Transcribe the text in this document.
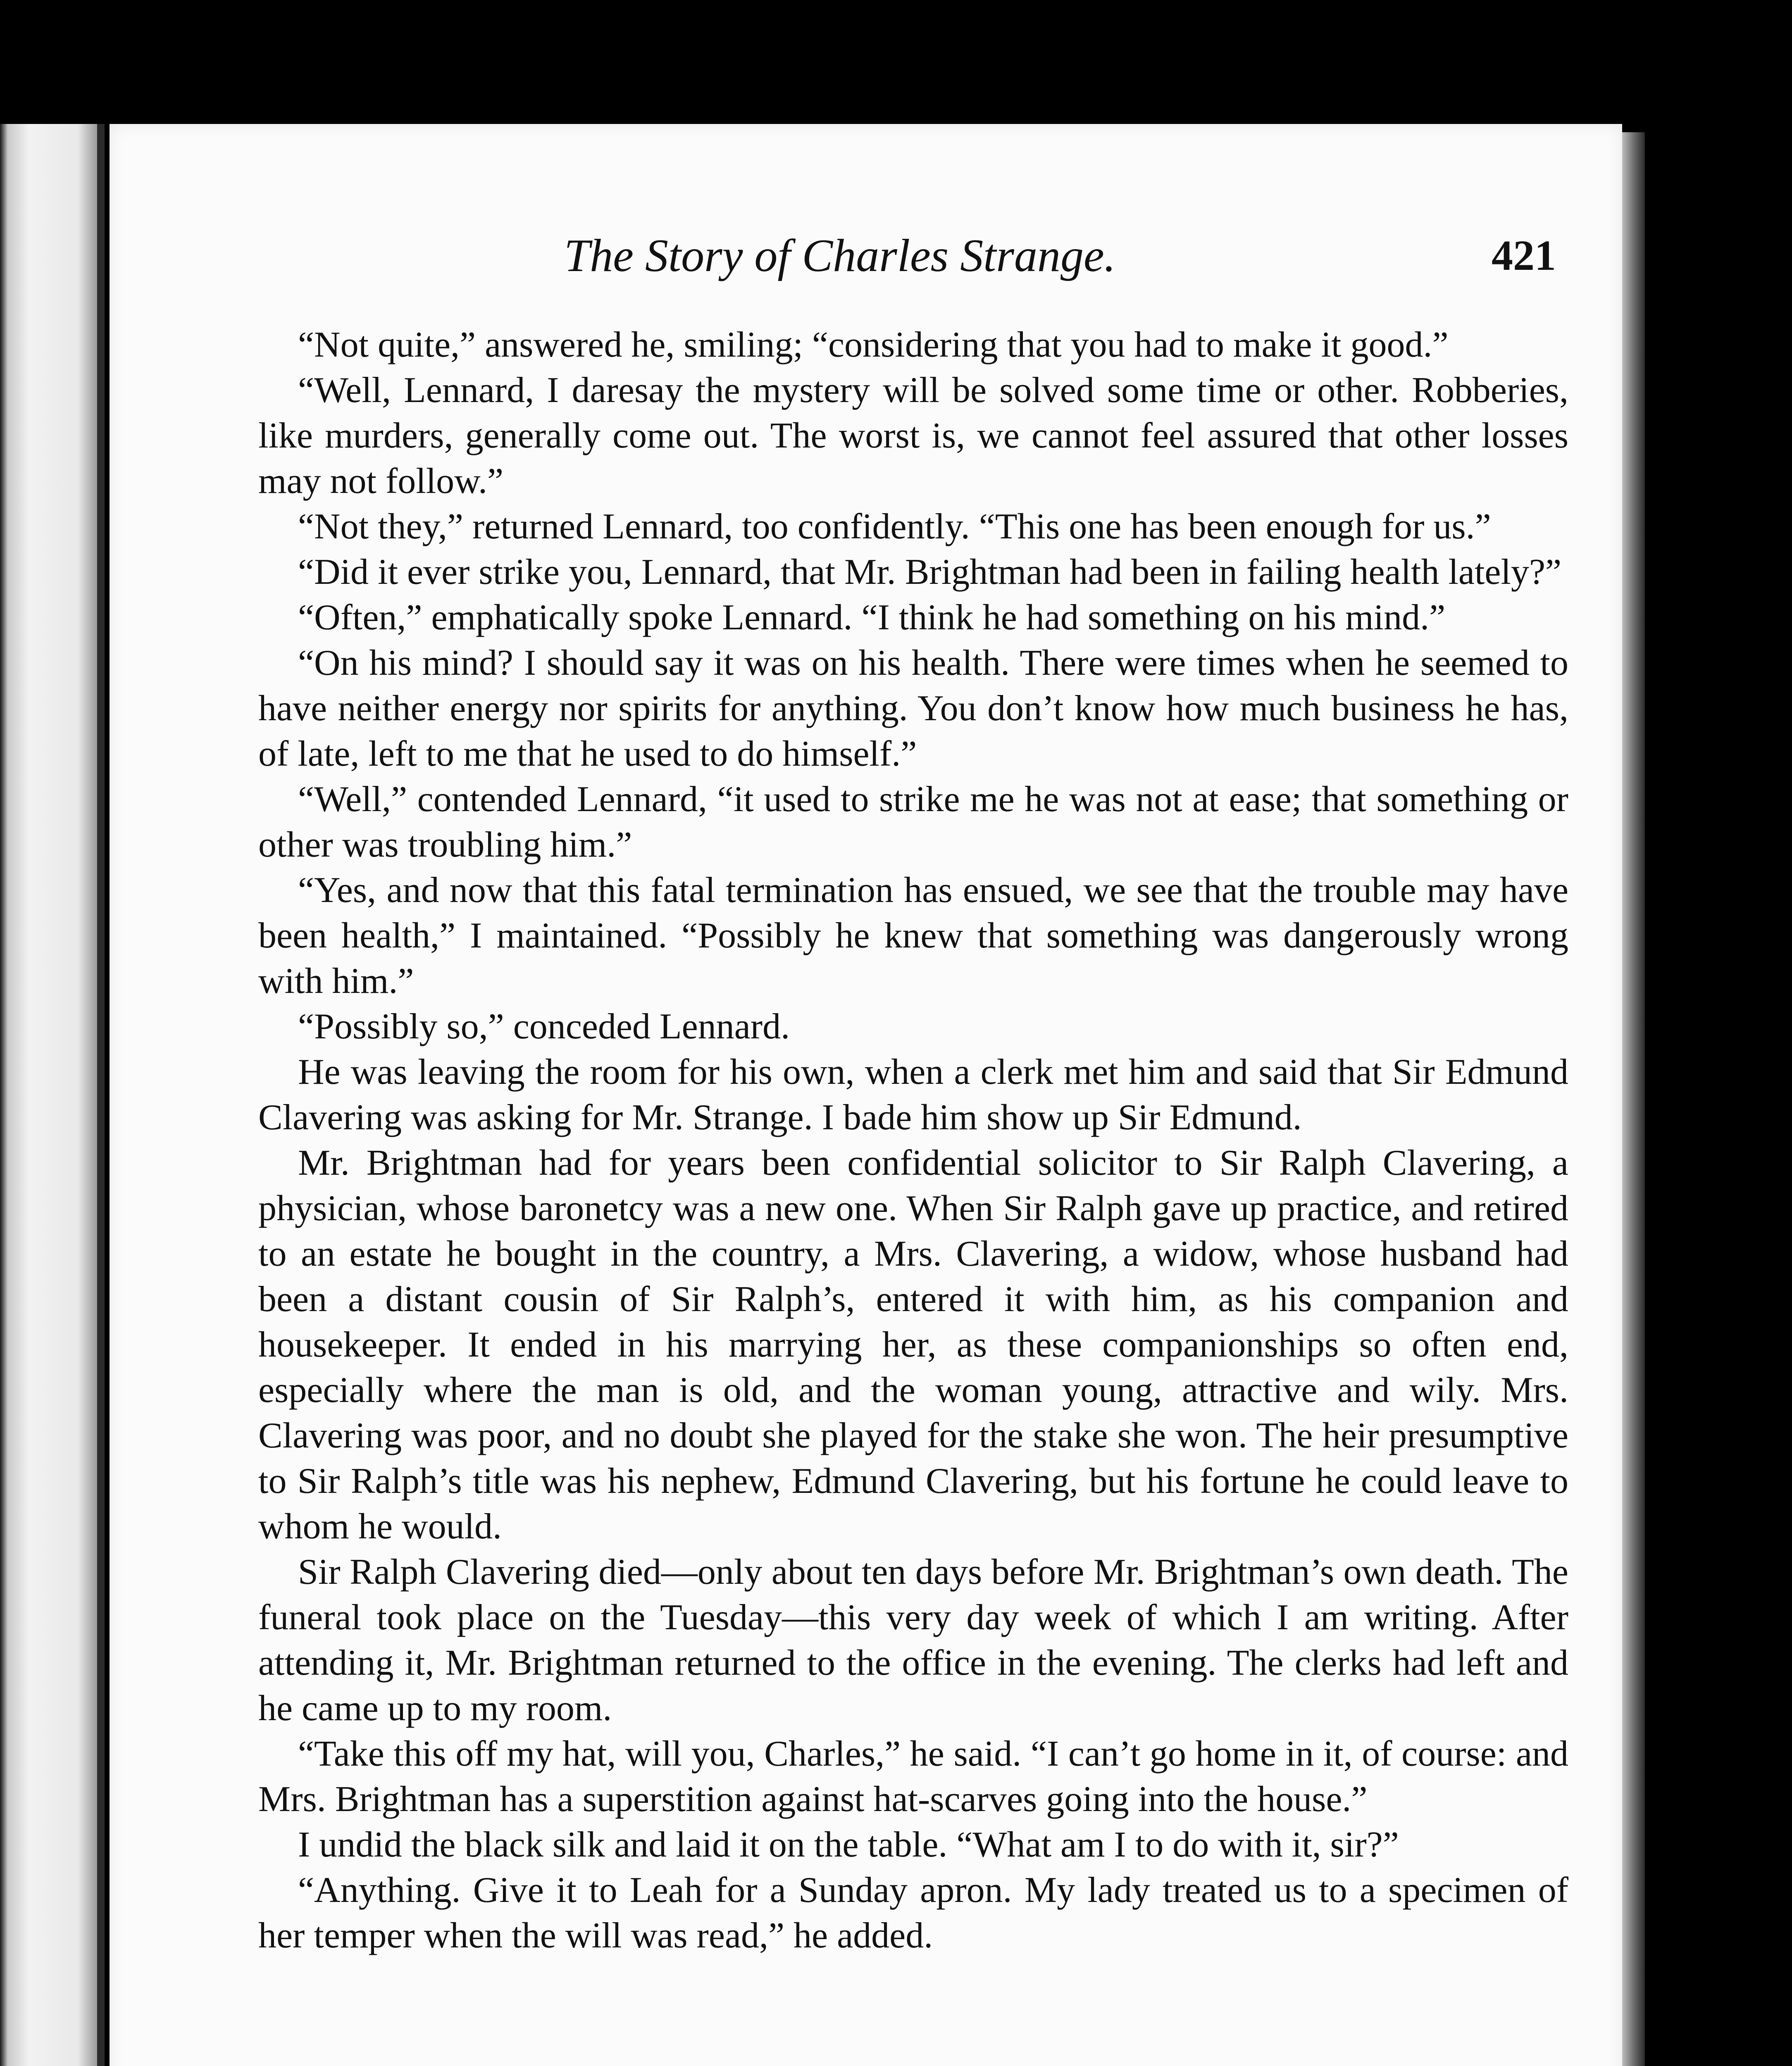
The Story of Charles Strange.	421

“Not quite,” answered he, smiling; “considering that you had to make it good.”

“Well, Lennard, I daresay the mystery will be solved some time or other. Robberies, like murders, generally come out. The worst is, we cannot feel assured that other losses may not follow.”

“Not they,” returned Lennard, too confidently. “This one has been enough for us.”

“Did it ever strike you, Lennard, that Mr. Brightman had been in failing health lately?”

“Often,” emphatically spoke Lennard. “I think he had something on his mind.”

“On his mind? I should say it was on his health. There were times when he seemed to have neither energy nor spirits for anything. You don’t know how much business he has, of late, left to me that he used to do himself.”

“Well,” contended Lennard, “it used to strike me he was not at ease; that something or other was troubling him.”

“Yes, and now that this fatal termination has ensued, we see that the trouble may have been health,” I maintained. “Possibly he knew that something was dangerously wrong with him.”

“Possibly so,” conceded Lennard.

He was leaving the room for his own, when a clerk met him and said that Sir Edmund Clavering was asking for Mr. Strange. I bade him show up Sir Edmund.

Mr. Brightman had for years been confidential solicitor to Sir Ralph Clavering, a physician, whose baronetcy was a new one. When Sir Ralph gave up practice, and retired to an estate he bought in the country, a Mrs. Clavering, a widow, whose husband had been a distant cousin of Sir Ralph’s, entered it with him, as his companion and housekeeper. It ended in his marrying her, as these companionships so often end, especially where the man is old, and the woman young, attractive and wily. Mrs. Clavering was poor, and no doubt she played for the stake she won. The heir presumptive to Sir Ralph’s title was his nephew, Edmund Clavering, but his fortune he could leave to whom he would.

Sir Ralph Clavering died—only about ten days before Mr. Brightman’s own death. The funeral took place on the Tuesday—this very day week of which I am writing. After attending it, Mr. Brightman returned to the office in the evening. The clerks had left and he came up to my room.

“Take this off my hat, will you, Charles,” he said. “I can’t go home in it, of course: and Mrs. Brightman has a superstition against hat-scarves going into the house.”

I undid the black silk and laid it on the table. “What am I to do with it, sir?”

“Anything. Give it to Leah for a Sunday apron. My lady treated us to a specimen of her temper when the will was read,” he added.
